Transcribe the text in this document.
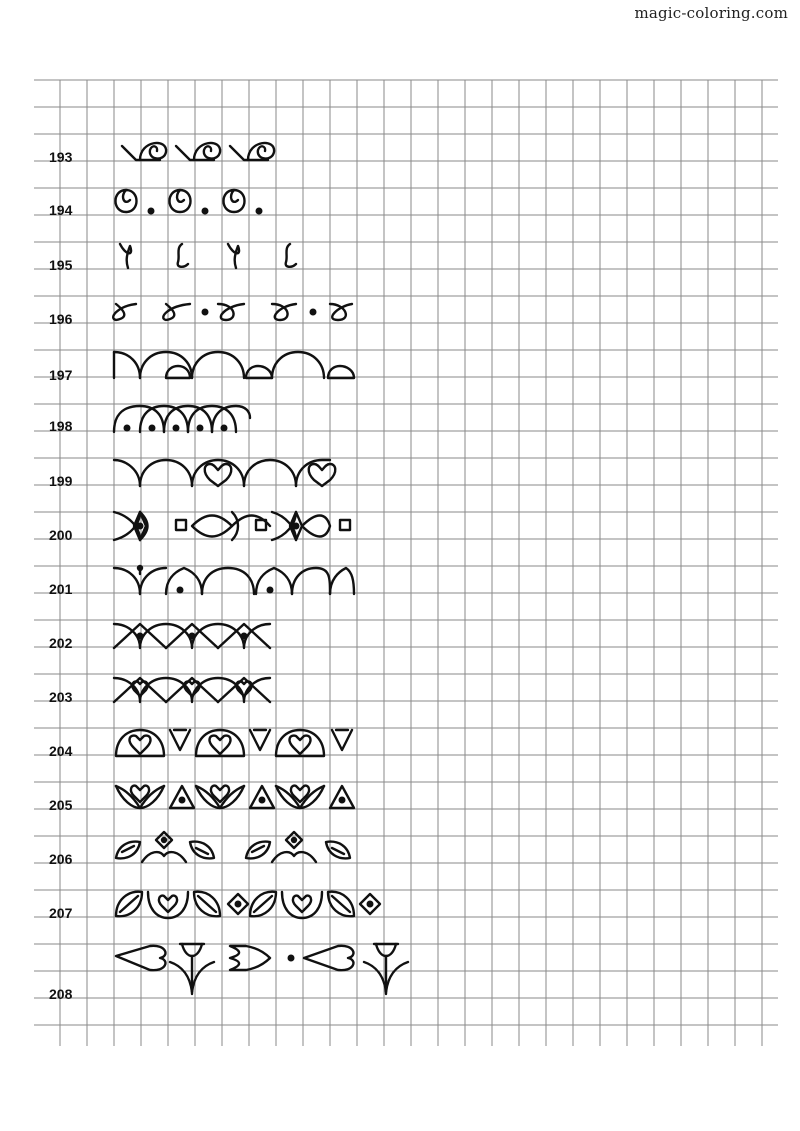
magic-coloring.com
193
194
195
196
197
198
199
200
201
202
203
204
205
206
207
208
